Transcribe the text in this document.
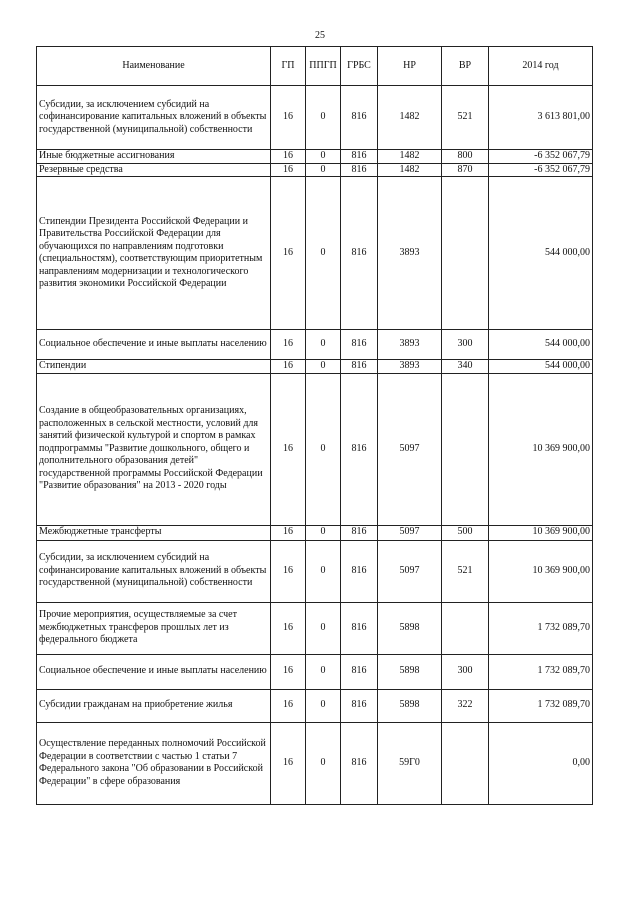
25
Наименование	ГП	ППГП	ГРБС	НР	ВР	2014 год
Субсидии, за исключением субсидий на софинансирование капитальных вложений в объекты государственной (муниципальной) собственности	16	0	816	1482	521	3 613 801,00
Иные бюджетные ассигнования	16	0	816	1482	800	-6 352 067,79
Резервные средства	16	0	816	1482	870	-6 352 067,79
Стипендии Президента Российской Федерации и Правительства Российской Федерации для обучающихся по направлениям подготовки (специальностям), соответствующим приоритетным направлениям модернизации и технологического развития экономики Российской Федерации	16	0	816	3893		544 000,00
Социальное обеспечение и иные выплаты населению	16	0	816	3893	300	544 000,00
Стипендии	16	0	816	3893	340	544 000,00
Создание в общеобразовательных организациях, расположенных в сельской местности, условий для занятий физической культурой и спортом в рамках подпрограммы "Развитие дошкольного, общего и дополнительного образования детей" государственной программы Российской Федерации "Развитие образования" на 2013 - 2020 годы	16	0	816	5097		10 369 900,00
Межбюджетные трансферты	16	0	816	5097	500	10 369 900,00
Субсидии, за исключением субсидий на софинансирование капитальных вложений в объекты государственной (муниципальной) собственности	16	0	816	5097	521	10 369 900,00
Прочие мероприятия, осуществляемые за счет межбюджетных трансферов прошлых лет из федерального бюджета	16	0	816	5898		1 732 089,70
Социальное обеспечение и иные выплаты населению	16	0	816	5898	300	1 732 089,70
Субсидии гражданам на приобретение жилья	16	0	816	5898	322	1 732 089,70
Осуществление переданных полномочий Российской Федерации в соответствии с частью 1 статьи 7 Федерального закона "Об образовании в Российской Федерации" в сфере образования	16	0	816	59Г0		0,00
